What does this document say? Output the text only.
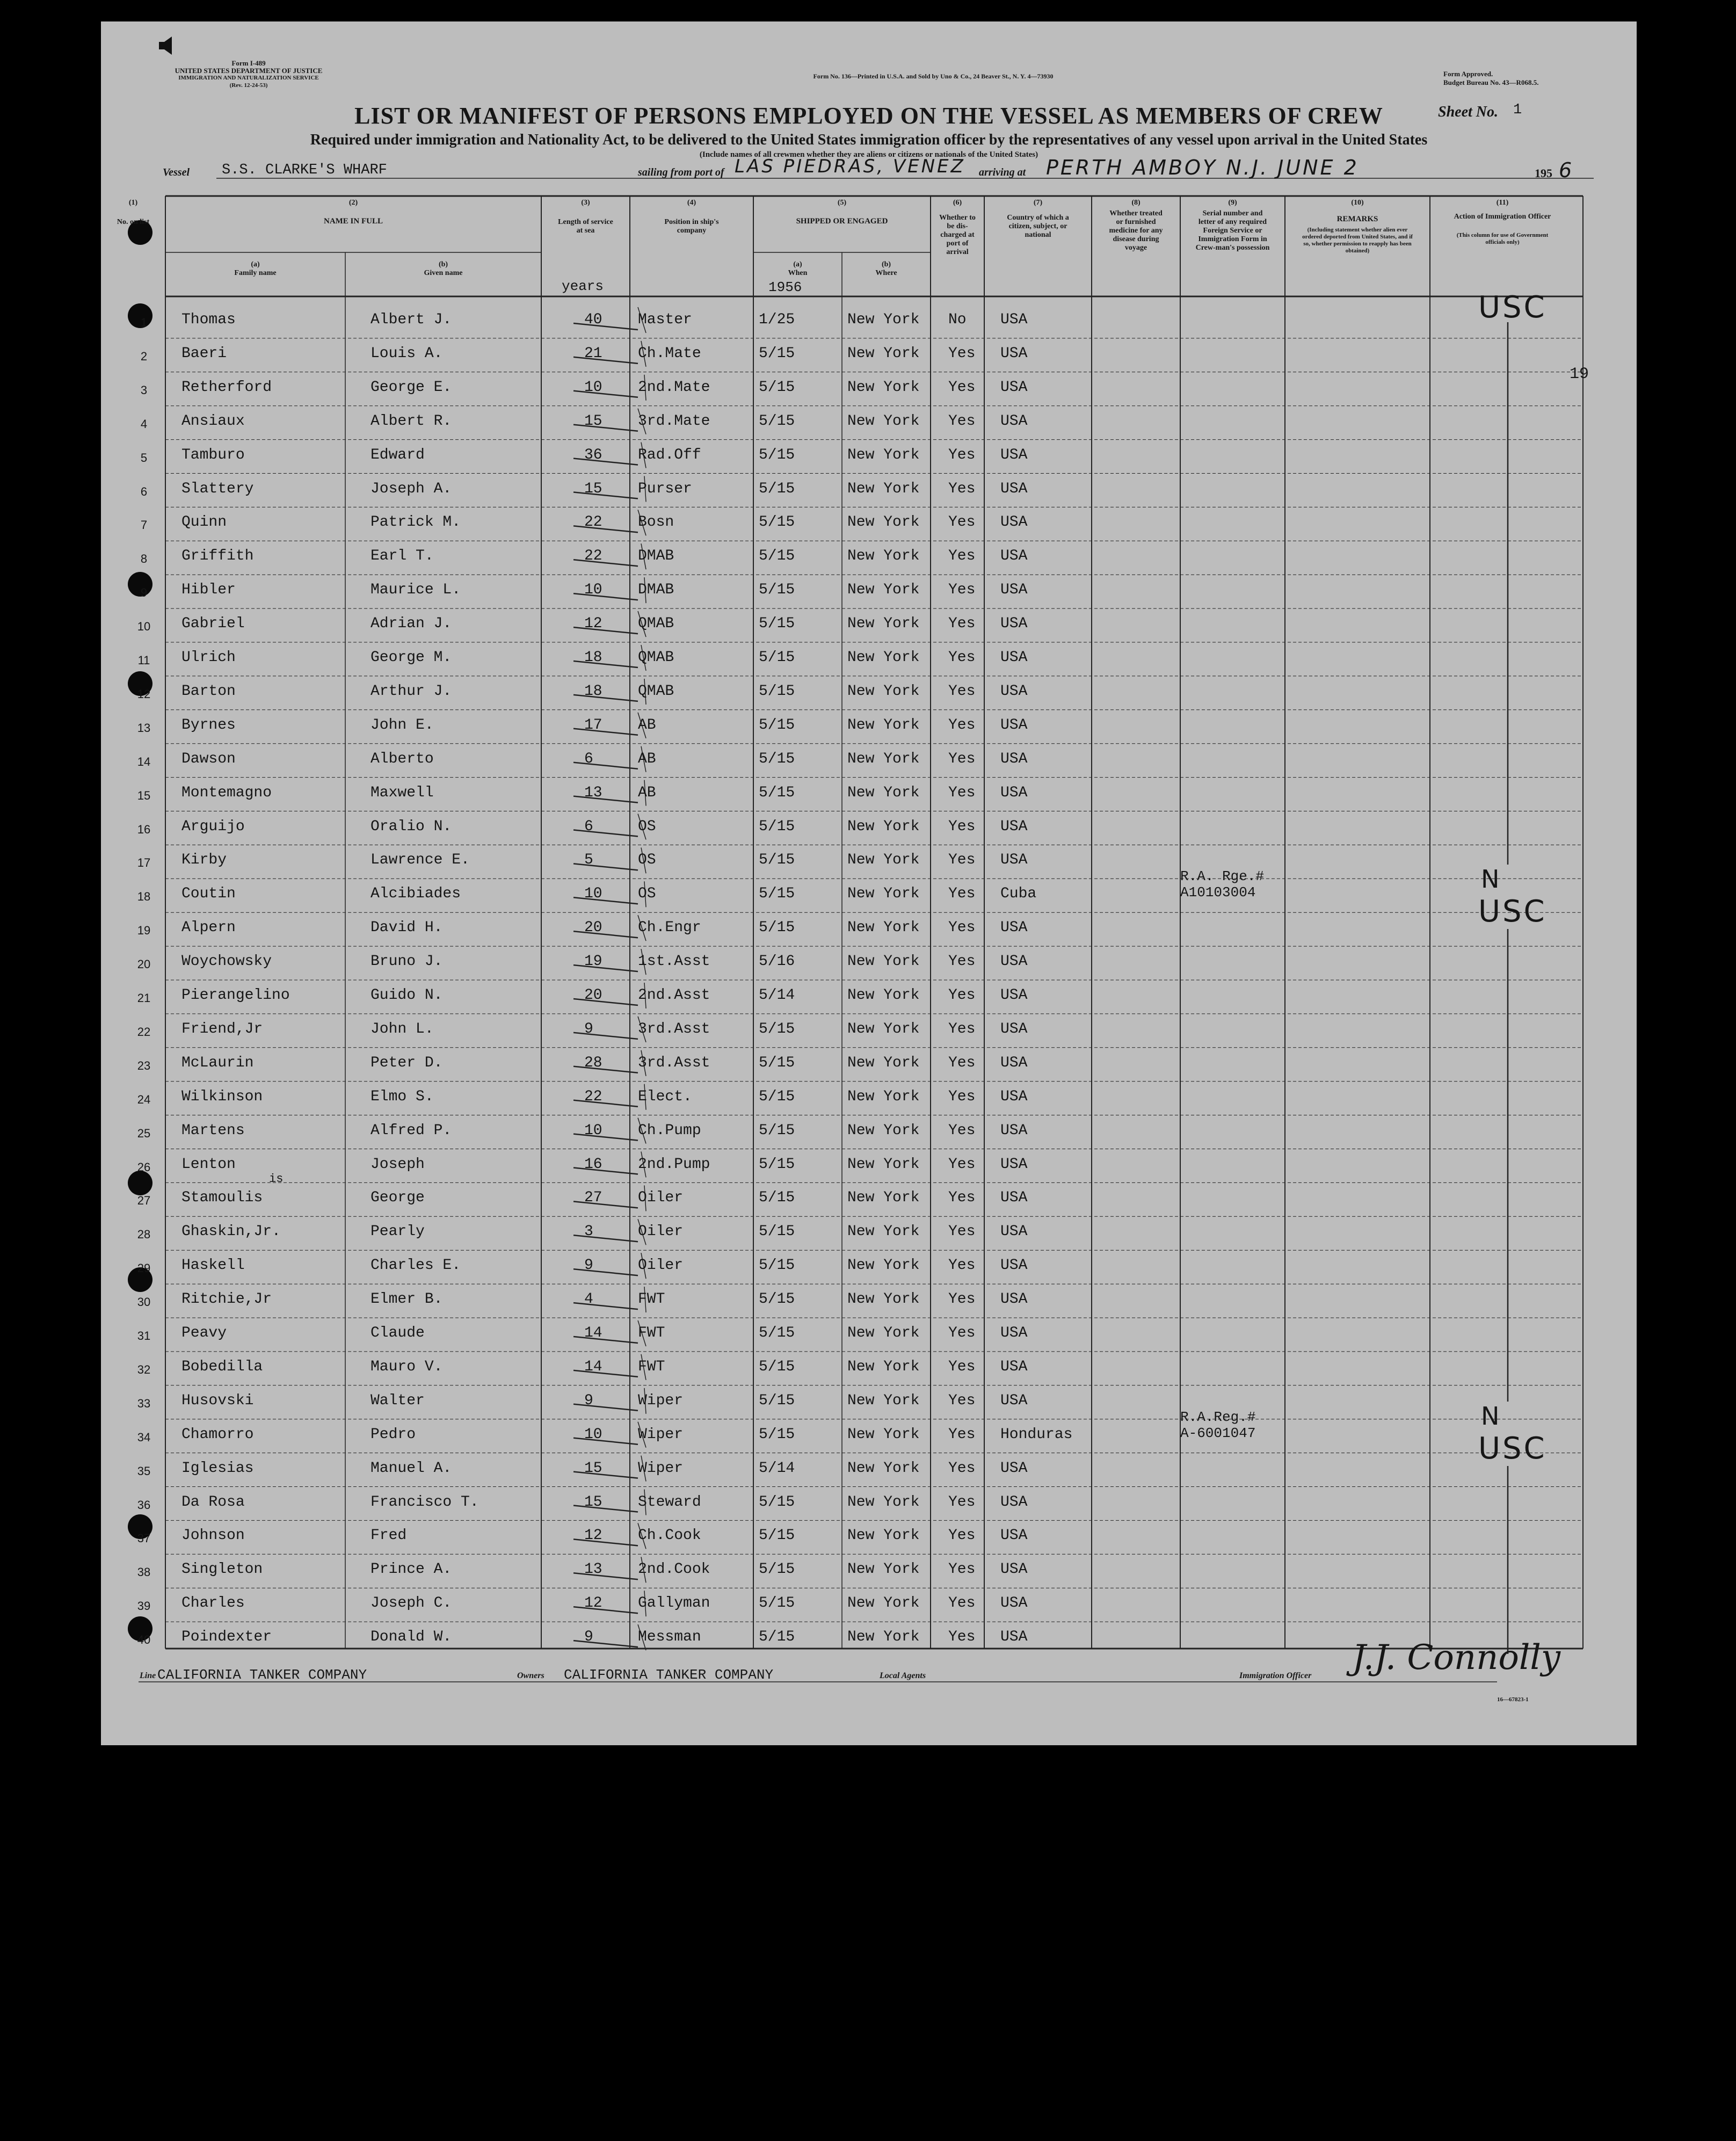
Form I-489
UNITED STATES DEPARTMENT OF JUSTICE
IMMIGRATION AND NATURALIZATION SERVICE
(Rev. 12-24-53)
Form No. 136—Printed in U.S.A. and Sold by Uno & Co., 24 Beaver St., N. Y. 4—73930	Form Approved.
Budget Bureau No. 43—R068.5.
LIST OR MANIFEST OF PERSONS EMPLOYED ON THE VESSEL AS MEMBERS OF CREW	Sheet No. 1
Required under immigration and Nationality Act, to be delivered to the United States immigration officer by the representatives of any vessel upon arrival in the United States
(Include names of all crewmen whether they are aliens or citizens or nationals of the United States)
Vessel S.S. CLARKE'S WHARF	sailing from port of LAS PIEDRAS, VENEZ arriving at PERTH AMBOY N.J. JUNE 2	195 6
(1)
No. on list
(2)
NAME IN FULL
(a)
Family name
(b)
Given name
(3)
Length of service at sea
years
(4)
Position in ship's company
(5)
SHIPPED OR ENGAGED
(a)
When
1956
(b)
Where
(6)
Whether to be dis-charged at port of arrival
(7)
Country of which a citizen, subject, or national
(8)
Whether treated or furnished medicine for any disease during voyage
(9)
Serial number and letter of any required Foreign Service or Immigration Form in Crew-man's possession
(10)
REMARKS
(Including statement whether alien ever ordered deported from United States, and if so, whether permission to reapply has been obtained)
(11)
Action of Immigration Officer
(This column for use of Government officials only)
1	Thomas	Albert J.	40 Master	1/25	New York No USA
2	Baeri	Louis A.	21 Ch.Mate	5/15	New York Yes USA
3	Retherford	George E.	10 2nd.Mate	5/15	New York Yes USA
4	Ansiaux	Albert R.	15 3rd.Mate	5/15	New York Yes USA
5	Tamburo	Edward	36 Rad.Off	5/15	New York Yes USA
6	Slattery	Joseph A.	15 Purser	5/15	New York Yes USA
7	Quinn	Patrick M.	22 Bosn	5/15	New York Yes USA
8	Griffith	Earl T.	22 DMAB	5/15	New York Yes USA
9	Hibler	Maurice L.	10 DMAB	5/15	New York Yes USA
10 Gabriel	Adrian J.	12 QMAB	5/15	New York Yes USA
11	Ulrich	George M.	18 QMAB	5/15	New York Yes USA
12 Barton	Arthur J.	18 QMAB	5/15	New York Yes USA
13 Byrnes	John E.	17 AB	5/15	New York Yes USA
14 Dawson	Alberto	6	AB	5/15	New York Yes USA
15 Montemagno	Maxwell	13 AB	5/15	New York Yes USA
16 Arguijo	Oralio N.	6	OS	5/15	New York Yes USA
17 Kirby	Lawrence E.	5	OS	5/15	New York Yes USA
18 Coutin	Alcibiades	10 OS	5/15	New York Yes Cuba
R.A. Rge.#
A10103004
19 Alpern	David H.	20 Ch.Engr	5/15	New York Yes USA
20 Woychowsky	Bruno J.	19 1st.Asst	5/16	New York Yes USA
21 Pierangelino	Guido N.	20 2nd.Asst	5/14	New York Yes USA
22 Friend,Jr	John L.	9	3rd.Asst	5/15	New York Yes USA
23 McLaurin	Peter D.	28 3rd.Asst	5/15	New York Yes USA
24 Wilkinson	Elmo S.	22 Elect.	5/15	New York Yes USA
25 Martens	Alfred P.	10 Ch.Pump	5/15	New York Yes USA
26 Lenton	Joseph	16 2nd.Pump	5/15	New York Yes USA
27 Stamoulis	George	27 Oiler	5/15	New York Yes USA
28 Ghaskin,Jr.	Pearly	3	Oiler	5/15	New York Yes USA
29 Haskell	Charles E.	9	Oiler	5/15	New York Yes USA
30 Ritchie,Jr	Elmer B.	4	FWT	5/15	New York Yes USA
31 Peavy	Claude	14 FWT	5/15	New York Yes USA
32 Bobedilla	Mauro V.	14 FWT	5/15	New York Yes USA
33 Husovski	Walter	9	Wiper	5/15	New York Yes USA
34 Chamorro	Pedro	10 Wiper	5/15	New York Yes Honduras
R.A.Reg.#
A-6001047
35 Iglesias	Manuel A.	15 Wiper	5/14	New York Yes USA
36 Da Rosa	Francisco T.	15 Steward	5/15	New York Yes USA
37 Johnson	Fred	12 Ch.Cook	5/15	New York Yes USA
38 Singleton	Prince A.	13 2nd.Cook	5/15	New York Yes USA
39 Charles	Joseph C.	12 Gallyman	5/15	New York Yes USA
40 Poindexter	Donald W.	9	Messman	5/15	New York Yes USA
USC
N
USC
N
USC
19
is
Line CALIFORNIA TANKER COMPANY	Owners CALIFORNIA TANKER COMPANY	Local Agents	Immigration Officer J.J. Connolly
16—67823-1
